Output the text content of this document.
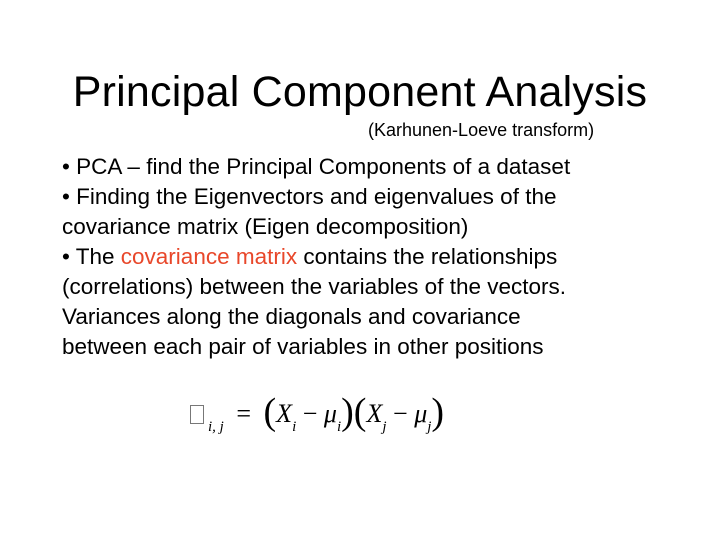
Principal Component Analysis
(Karhunen-Loeve transform)

• PCA – find the Principal Components of a dataset

• Finding the Eigenvectors and eigenvalues of the

covariance matrix (Eigen decomposition)

• The covariance matrix contains the relationships

(correlations) between the variables of the vectors.

Variances along the diagonals and covariance

between each pair of variables in other positions

$_{i, j} = (X_i - \mu_i)(X_j - \mu_j)$
